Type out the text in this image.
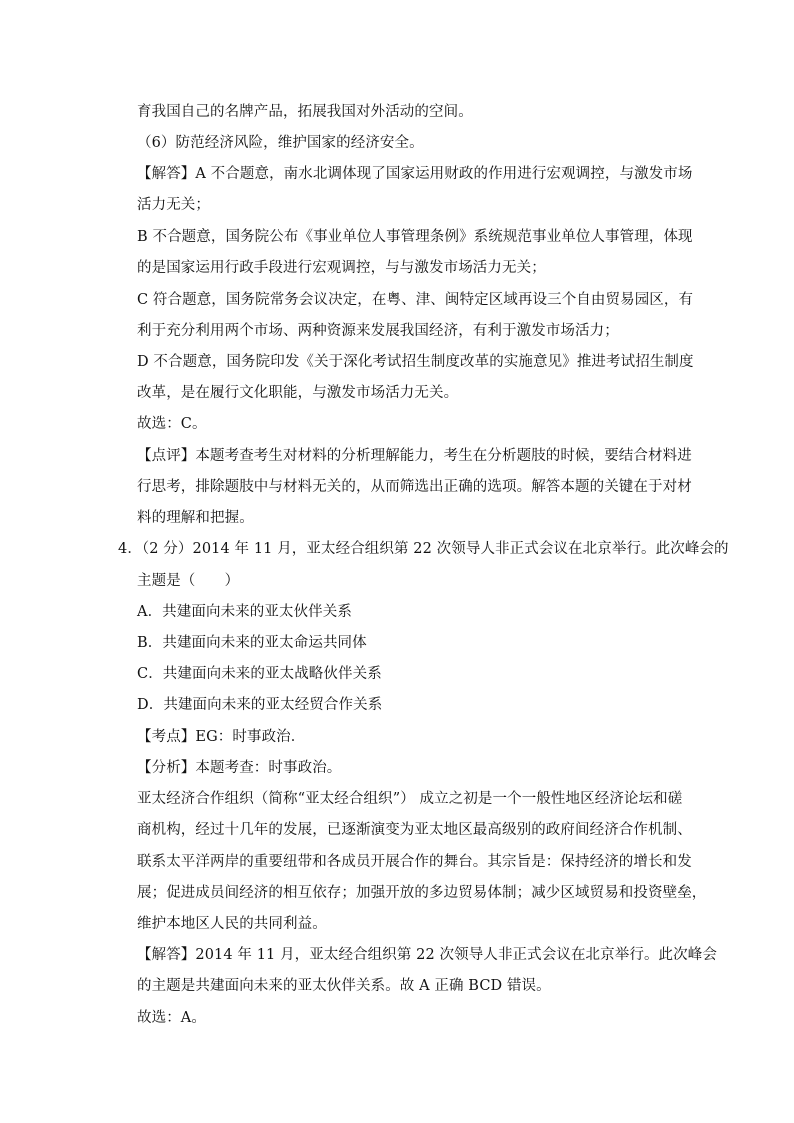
育我国自己的名牌产品，拓展我国对外活动的空间。
（6）防范经济风险，维护国家的经济安全。
【解答】A 不合题意，南水北调体现了国家运用财政的作用进行宏观调控，与激发市场
活力无关；
B 不合题意，国务院公布《事业单位人事管理条例》系统规范事业单位人事管理，体现
的是国家运用行政手段进行宏观调控，与与激发市场活力无关；
C 符合题意，国务院常务会议决定，在粤、津、闽特定区域再设三个自由贸易园区，有
利于充分利用两个市场、两种资源来发展我国经济，有利于激发市场活力；
D 不合题意，国务院印发《关于深化考试招生制度改革的实施意见》推进考试招生制度
改革，是在履行文化职能，与激发市场活力无关。
故选：C。
【点评】本题考查考生对材料的分析理解能力，考生在分析题肢的时候，要结合材料进
行思考，排除题肢中与材料无关的，从而筛选出正确的选项。解答本题的关键在于对材
料的理解和把握。
4．（2 分）2014 年 11 月，亚太经合组织第 22 次领导人非正式会议在北京举行。此次峰会的
主题是（　　）
A．共建面向未来的亚太伙伴关系
B．共建面向未来的亚太命运共同体
C．共建面向未来的亚太战略伙伴关系
D．共建面向未来的亚太经贸合作关系
【考点】EG：时事政治．
【分析】本题考查：时事政治。
亚太经济合作组织（简称“亚太经合组织”） 成立之初是一个一般性地区经济论坛和磋
商机构，经过十几年的发展，已逐渐演变为亚太地区最高级别的政府间经济合作机制、
联系太平洋两岸的重要纽带和各成员开展合作的舞台。其宗旨是：保持经济的增长和发
展；促进成员间经济的相互依存；加强开放的多边贸易体制；减少区域贸易和投资壁垒，
维护本地区人民的共同利益。
【解答】2014 年 11 月，亚太经合组织第 22 次领导人非正式会议在北京举行。此次峰会
的主题是共建面向未来的亚太伙伴关系。故 A 正确 BCD 错误。
故选：A。
